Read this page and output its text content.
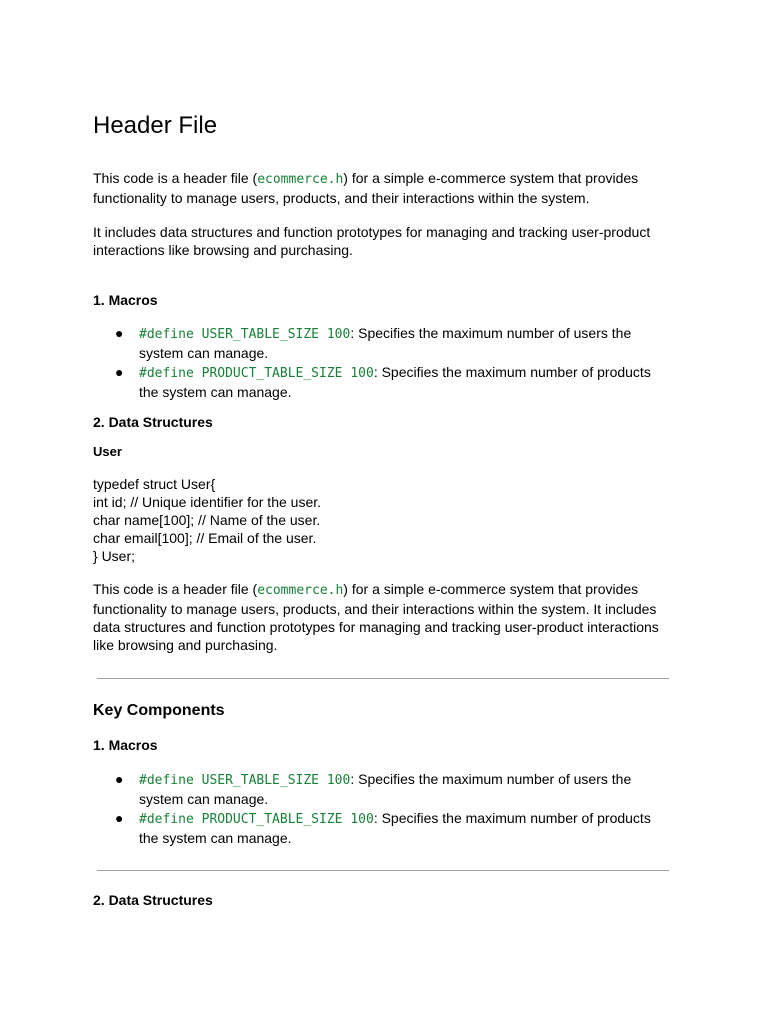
Header File

This code is a header file (ecommerce.h) for a simple e-commerce system that provides functionality to manage users, products, and their interactions within the system.

It includes data structures and function prototypes for managing and tracking user-product interactions like browsing and purchasing.

1. Macros
● #define USER_TABLE_SIZE 100: Specifies the maximum number of users the system can manage.
● #define PRODUCT_TABLE_SIZE 100: Specifies the maximum number of products the system can manage.
2. Data Structures
User
typedef struct User{
int id; // Unique identifier for the user.
char name[100]; // Name of the user.
char email[100]; // Email of the user.
} User;

This code is a header file (ecommerce.h) for a simple e-commerce system that provides functionality to manage users, products, and their interactions within the system. It includes data structures and function prototypes for managing and tracking user-product interactions like browsing and purchasing.

Key Components
1. Macros
● #define USER_TABLE_SIZE 100: Specifies the maximum number of users the system can manage.
● #define PRODUCT_TABLE_SIZE 100: Specifies the maximum number of products the system can manage.
2. Data Structures
